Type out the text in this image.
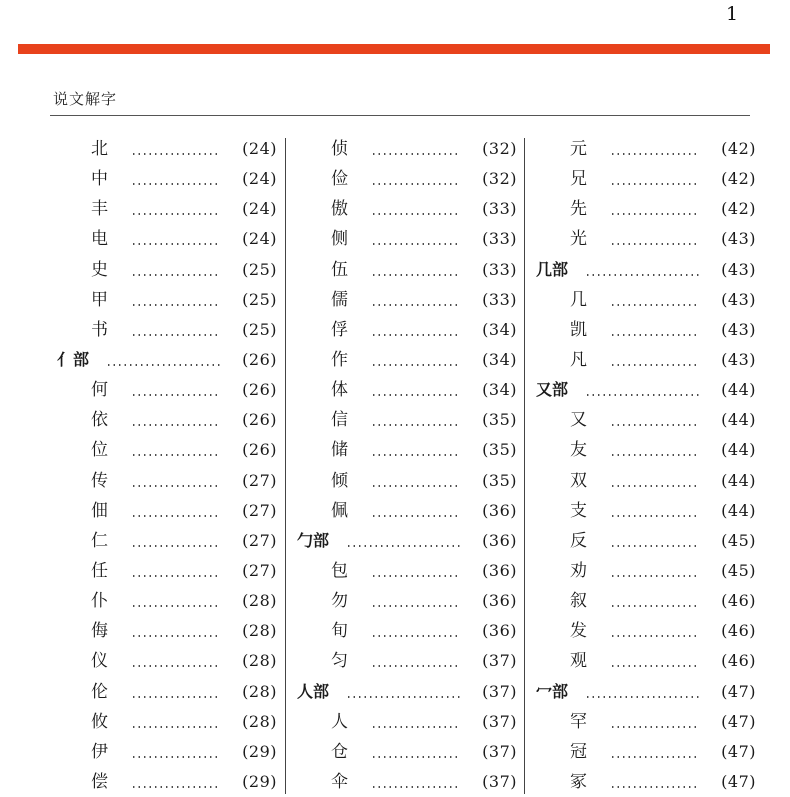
1
说文解字
北	(24)
中	(24)
丰	(24)
电	(24)
史	(25)
甲	(25)
书	(25)
亻部	(26)
何	(26)
依	(26)
位	(26)
传	(27)
佃	(27)
仁	(27)
任	(27)
仆	(28)
侮	(28)
仪	(28)
伦	(28)
攸	(28)
伊	(29)
偿	(29)
侦	(32)
俭	(32)
傲	(33)
侧	(33)
伍	(33)
儒	(33)
俘	(34)
作	(34)
体	(34)
信	(35)
储	(35)
倾	(35)
佩	(36)
勹部	(36)
包	(36)
勿	(36)
旬	(36)
匀	(37)
人部	(37)
人	(37)
仓	(37)
伞	(37)
元	(42)
兄	(42)
先	(42)
光	(43)
几部	(43)
几	(43)
凯	(43)
凡	(43)
又部	(44)
又	(44)
友	(44)
双	(44)
支	(44)
反	(45)
劝	(45)
叙	(46)
发	(46)
观	(46)
冖部	(47)
罕	(47)
冠	(47)
冢	(47)
